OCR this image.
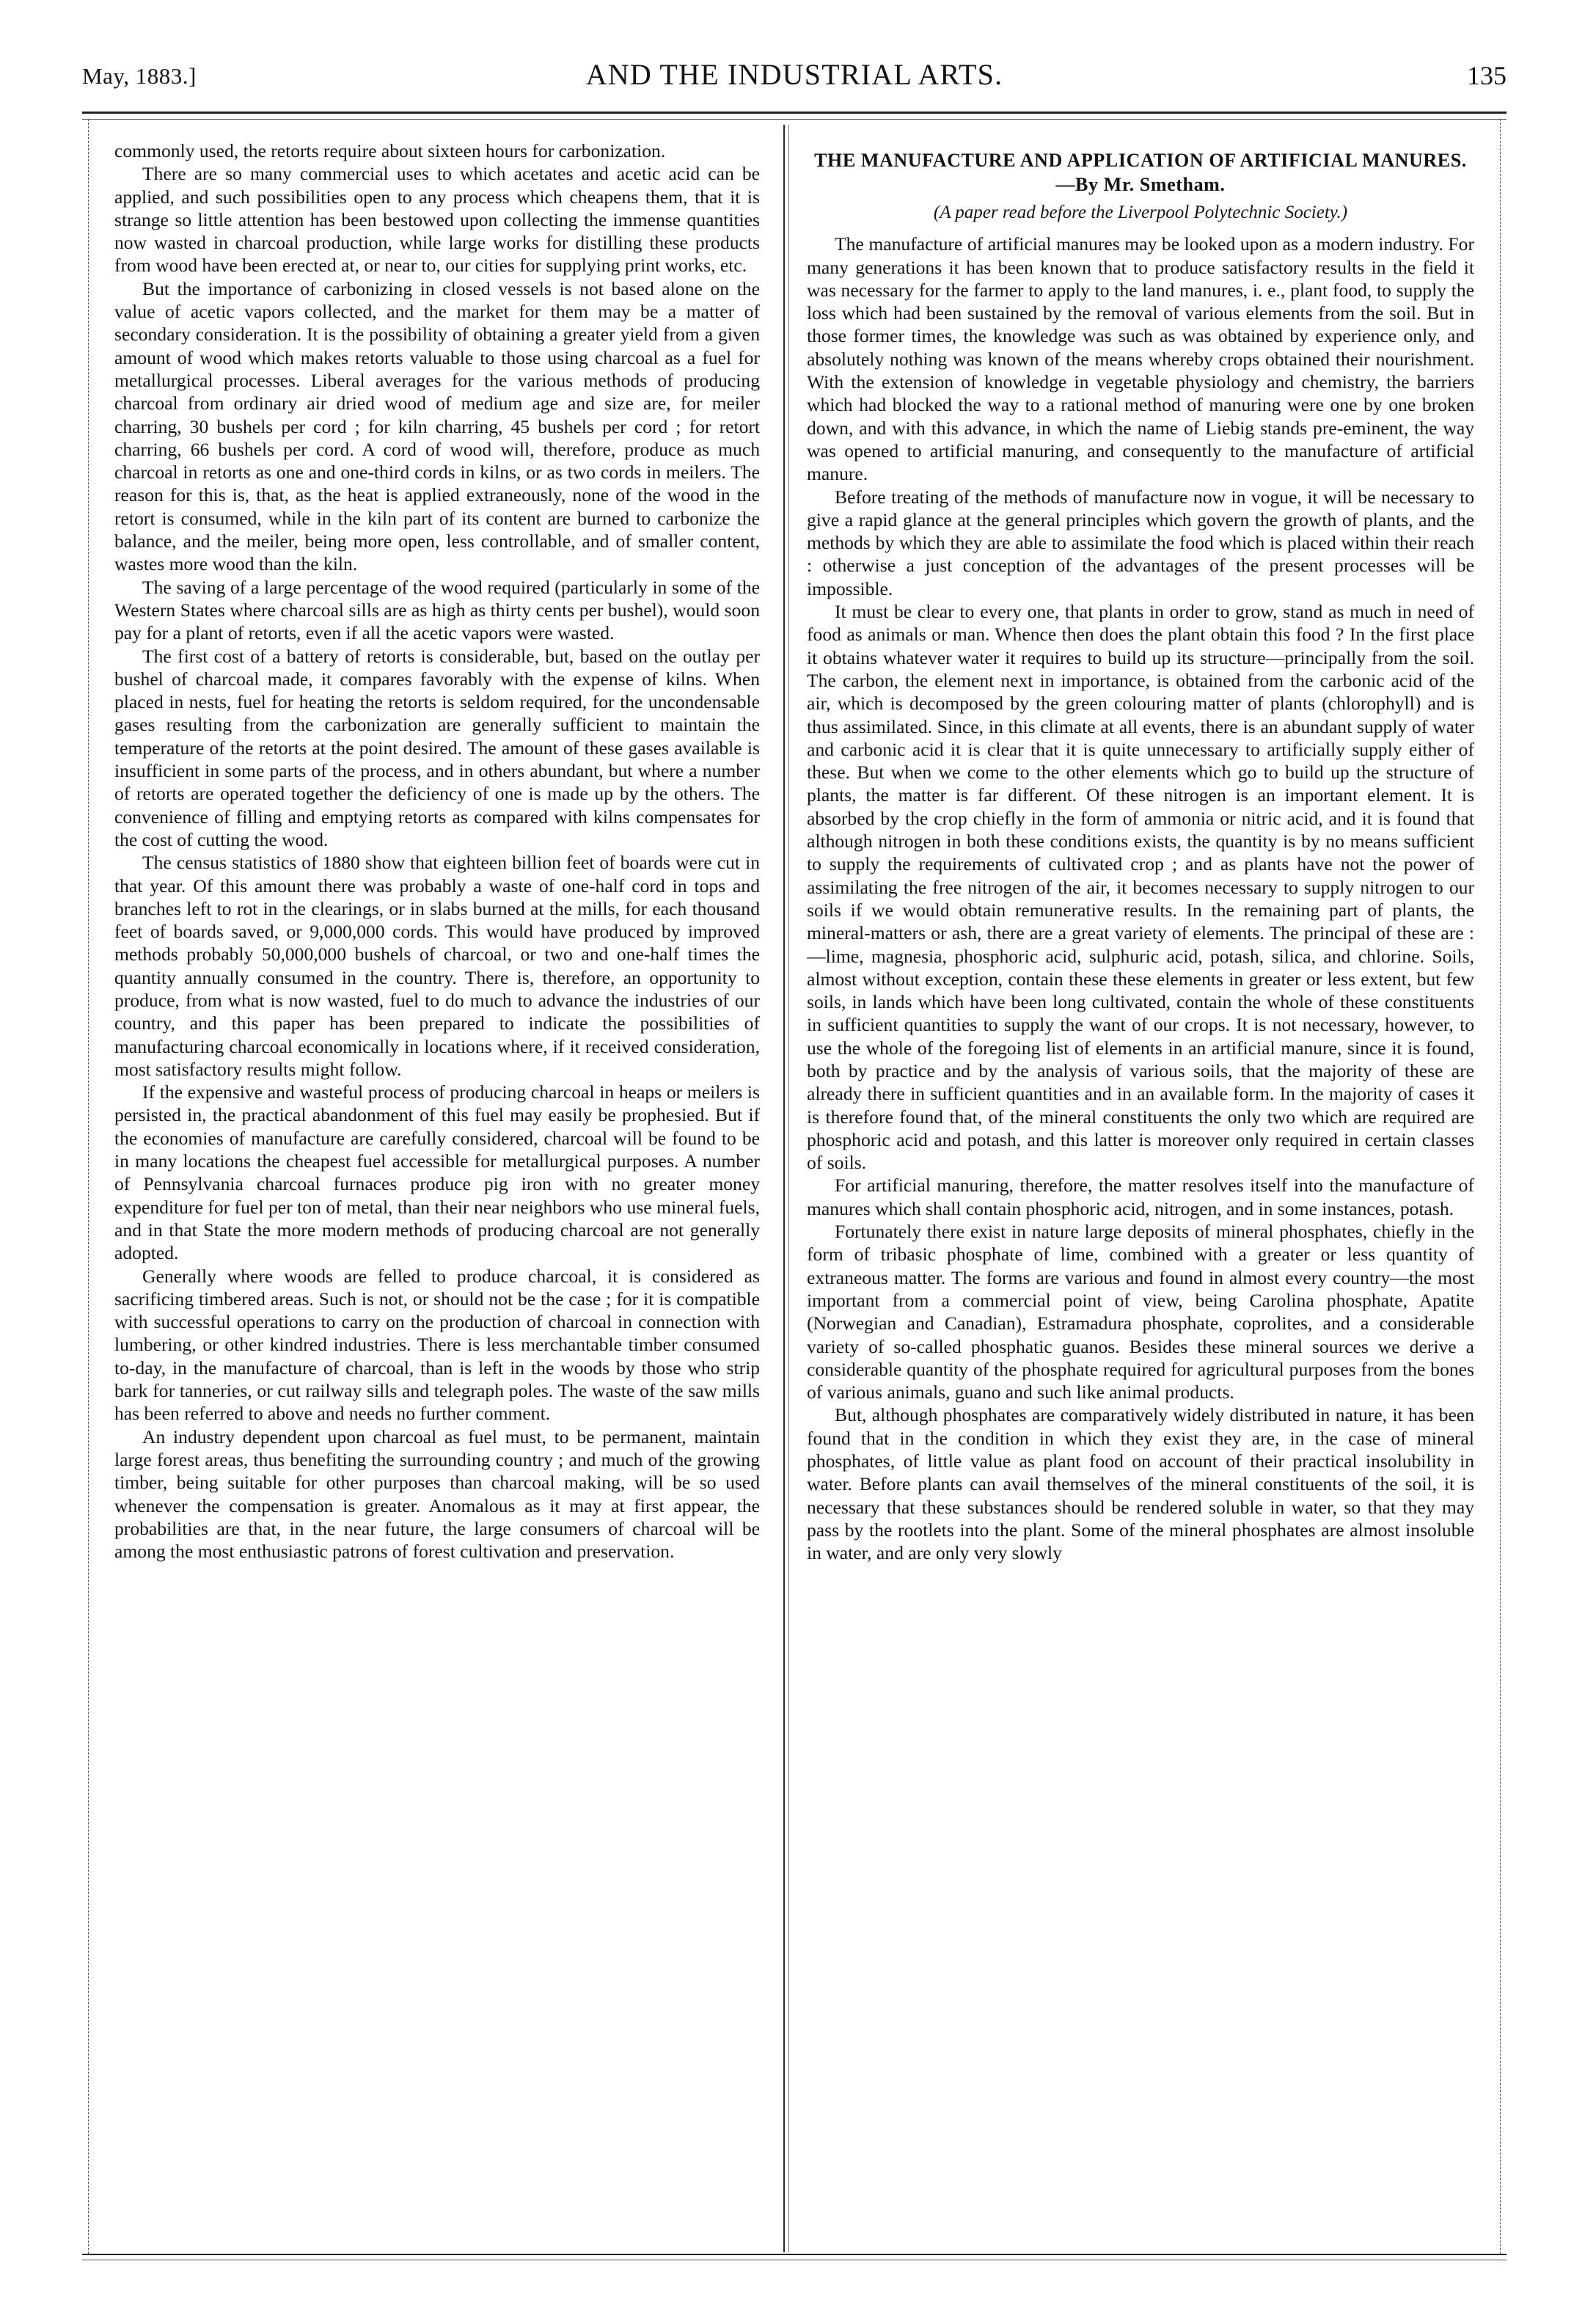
May, 1883.]	AND THE INDUSTRIAL ARTS.	135

commonly used, the retorts require about sixteen hours for carbonization.

There are so many commercial uses to which acetates and acetic acid can be applied, and such possibilities open to any process which cheapens them, that it is strange so little attention has been bestowed upon collecting the immense quantities now wasted in charcoal production, while large works for distilling these products from wood have been erected at, or near to, our cities for supplying print works, etc.

But the importance of carbonizing in closed vessels is not based alone on the value of acetic vapors collected, and the market for them may be a matter of secondary consideration. It is the possibility of obtaining a greater yield from a given amount of wood which makes retorts valuable to those using charcoal as a fuel for metallurgical processes. Liberal averages for the various methods of producing charcoal from ordinary air dried wood of medium age and size are, for meiler charring, 30 bushels per cord ; for kiln charring, 45 bushels per cord ; for retort charring, 66 bushels per cord. A cord of wood will, therefore, produce as much charcoal in retorts as one and one-third cords in kilns, or as two cords in meilers. The reason for this is, that, as the heat is applied extraneously, none of the wood in the retort is consumed, while in the kiln part of its content are burned to carbonize the balance, and the meiler, being more open, less controllable, and of smaller content, wastes more wood than the kiln.

The saving of a large percentage of the wood required (particularly in some of the Western States where charcoal sills are as high as thirty cents per bushel), would soon pay for a plant of retorts, even if all the acetic vapors were wasted.

The first cost of a battery of retorts is considerable, but, based on the outlay per bushel of charcoal made, it compares favorably with the expense of kilns. When placed in nests, fuel for heating the retorts is seldom required, for the uncondensable gases resulting from the carbonization are generally sufficient to maintain the temperature of the retorts at the point desired. The amount of these gases available is insufficient in some parts of the process, and in others abundant, but where a number of retorts are operated together the deficiency of one is made up by the others. The convenience of filling and emptying retorts as compared with kilns compensates for the cost of cutting the wood.

The census statistics of 1880 show that eighteen billion feet of boards were cut in that year. Of this amount there was probably a waste of one-half cord in tops and branches left to rot in the clearings, or in slabs burned at the mills, for each thousand feet of boards saved, or 9,000,000 cords. This would have produced by improved methods probably 50,000,000 bushels of charcoal, or two and one-half times the quantity annually consumed in the country. There is, therefore, an opportunity to produce, from what is now wasted, fuel to do much to advance the industries of our country, and this paper has been prepared to indicate the possibilities of manufacturing charcoal economically in locations where, if it received consideration, most satisfactory results might follow.

If the expensive and wasteful process of producing charcoal in heaps or meilers is persisted in, the practical abandonment of this fuel may easily be prophesied. But if the economies of manufacture are carefully considered, charcoal will be found to be in many locations the cheapest fuel accessible for metallurgical purposes. A number of Pennsylvania charcoal furnaces produce pig iron with no greater money expenditure for fuel per ton of metal, than their near neighbors who use mineral fuels, and in that State the more modern methods of producing charcoal are not generally adopted.

Generally where woods are felled to produce charcoal, it is considered as sacrificing timbered areas. Such is not, or should not be the case ; for it is compatible with successful operations to carry on the production of charcoal in connection with lumbering, or other kindred industries. There is less merchantable timber consumed to-day, in the manufacture of charcoal, than is left in the woods by those who strip bark for tanneries, or cut railway sills and telegraph poles. The waste of the saw mills has been referred to above and needs no further comment.

An industry dependent upon charcoal as fuel must, to be permanent, maintain large forest areas, thus benefiting the surrounding country ; and much of the growing timber, being suitable for other purposes than charcoal making, will be so used whenever the compensation is greater. Anomalous as it may at first appear, the probabilities are that, in the near future, the large consumers of charcoal will be among the most enthusiastic patrons of forest cultivation and preservation.

THE MANUFACTURE AND APPLICATION OF ARTIFICIAL MANURES.—By Mr. Smetham.
(A paper read before the Liverpool Polytechnic Society.)

The manufacture of artificial manures may be looked upon as a modern industry. For many generations it has been known that to produce satisfactory results in the field it was necessary for the farmer to apply to the land manures, i. e., plant food, to supply the loss which had been sustained by the removal of various elements from the soil. But in those former times, the knowledge was such as was obtained by experience only, and absolutely nothing was known of the means whereby crops obtained their nourishment. With the extension of knowledge in vegetable physiology and chemistry, the barriers which had blocked the way to a rational method of manuring were one by one broken down, and with this advance, in which the name of Liebig stands pre-eminent, the way was opened to artificial manuring, and consequently to the manufacture of artificial manure.

Before treating of the methods of manufacture now in vogue, it will be necessary to give a rapid glance at the general principles which govern the growth of plants, and the methods by which they are able to assimilate the food which is placed within their reach : otherwise a just conception of the advantages of the present processes will be impossible.

It must be clear to every one, that plants in order to grow, stand as much in need of food as animals or man. Whence then does the plant obtain this food ? In the first place it obtains whatever water it requires to build up its structure—principally from the soil. The carbon, the element next in importance, is obtained from the carbonic acid of the air, which is decomposed by the green colouring matter of plants (chlorophyll) and is thus assimilated. Since, in this climate at all events, there is an abundant supply of water and carbonic acid it is clear that it is quite unnecessary to artificially supply either of these. But when we come to the other elements which go to build up the structure of plants, the matter is far different. Of these nitrogen is an important element. It is absorbed by the crop chiefly in the form of ammonia or nitric acid, and it is found that although nitrogen in both these conditions exists, the quantity is by no means sufficient to supply the requirements of cultivated crop ; and as plants have not the power of assimilating the free nitrogen of the air, it becomes necessary to supply nitrogen to our soils if we would obtain remunerative results. In the remaining part of plants, the mineral-matters or ash, there are a great variety of elements. The principal of these are :—lime, magnesia, phosphoric acid, sulphuric acid, potash, silica, and chlorine. Soils, almost without exception, contain these these elements in greater or less extent, but few soils, in lands which have been long cultivated, contain the whole of these constituents in sufficient quantities to supply the want of our crops. It is not necessary, however, to use the whole of the foregoing list of elements in an artificial manure, since it is found, both by practice and by the analysis of various soils, that the majority of these are already there in sufficient quantities and in an available form. In the majority of cases it is therefore found that, of the mineral constituents the only two which are required are phosphoric acid and potash, and this latter is moreover only required in certain classes of soils.

For artificial manuring, therefore, the matter resolves itself into the manufacture of manures which shall contain phosphoric acid, nitrogen, and in some instances, potash.

Fortunately there exist in nature large deposits of mineral phosphates, chiefly in the form of tribasic phosphate of lime, combined with a greater or less quantity of extraneous matter. The forms are various and found in almost every country—the most important from a commercial point of view, being Carolina phosphate, Apatite (Norwegian and Canadian), Estramadura phosphate, coprolites, and a considerable variety of so-called phosphatic guanos. Besides these mineral sources we derive a considerable quantity of the phosphate required for agricultural purposes from the bones of various animals, guano and such like animal products.

But, although phosphates are comparatively widely distributed in nature, it has been found that in the condition in which they exist they are, in the case of mineral phosphates, of little value as plant food on account of their practical insolubility in water. Before plants can avail themselves of the mineral constituents of the soil, it is necessary that these substances should be rendered soluble in water, so that they may pass by the rootlets into the plant. Some of the mineral phosphates are almost insoluble in water, and are only very slowly
